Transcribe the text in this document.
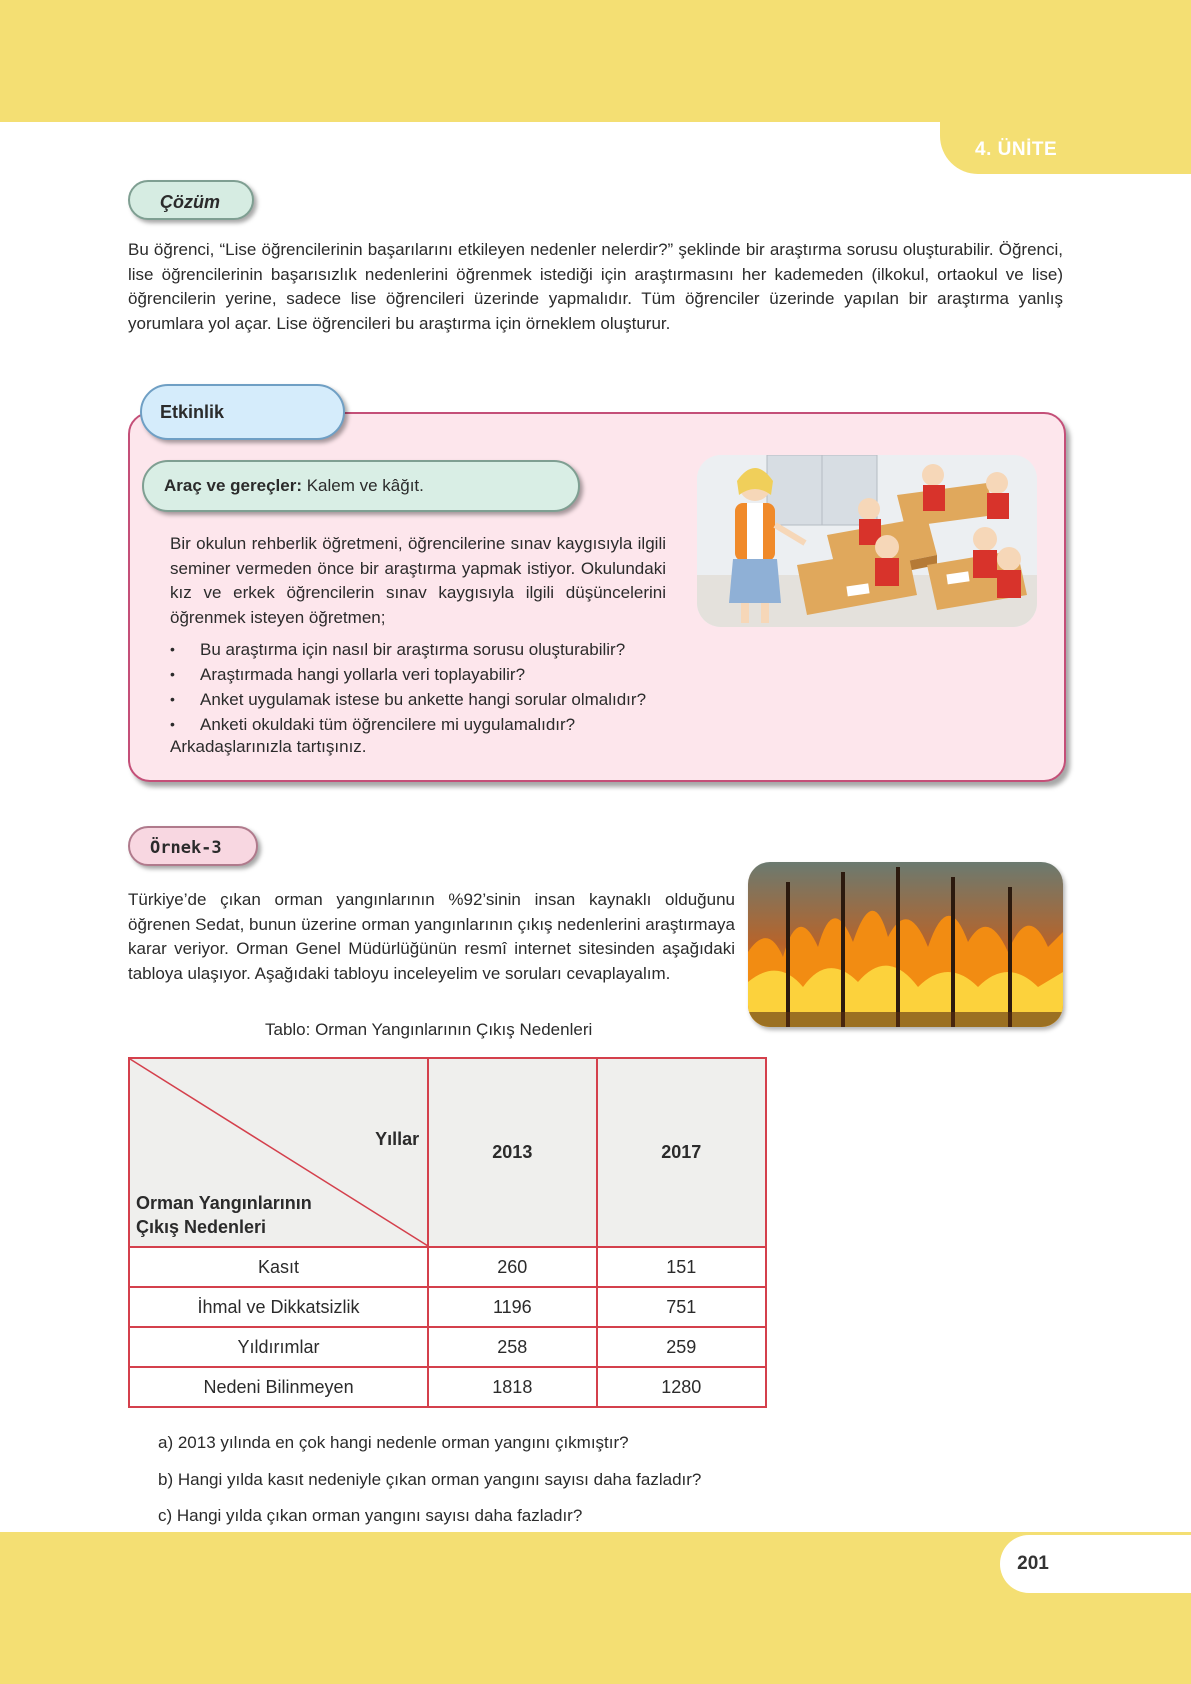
4. ÜNİTE
Çözüm
Bu öğrenci, “Lise öğrencilerinin başarılarını etkileyen nedenler nelerdir?” şeklinde bir araştırma sorusu oluşturabilir. Öğrenci, lise öğrencilerinin başarısızlık nedenlerini öğrenmek istediği için araştırmasını her kademeden (ilkokul, ortaokul ve lise) öğrencilerin yerine, sadece lise öğrencileri üzerinde yapmalıdır. Tüm öğrenciler üzerinde yapılan bir araştırma yanlış yorumlara yol açar. Lise öğrencileri bu araştırma için örneklem oluşturur.
Etkinlik
Araç ve gereçler: Kalem ve kâğıt.
Bir okulun rehberlik öğretmeni, öğrencilerine sınav kaygısıyla ilgili seminer vermeden önce bir araştırma yapmak istiyor. Okulundaki kız ve erkek öğrencilerin sınav kaygısıyla ilgili düşüncelerini öğrenmek isteyen öğretmen;
• Bu araştırma için nasıl bir araştırma sorusu oluşturabilir?
• Araştırmada hangi yollarla veri toplayabilir?
• Anket uygulamak istese bu ankette hangi sorular olmalıdır?
• Anketi okuldaki tüm öğrencilere mi uygulamalıdır?
Arkadaşlarınızla tartışınız.
Örnek-3
Türkiye’de çıkan orman yangınlarının %92’sinin insan kaynaklı olduğunu öğrenen Sedat, bunun üzerine orman yangınlarının çıkış nedenlerini araştırmaya karar veriyor. Orman Genel Müdürlüğünün resmî internet sitesinden aşağıdaki tabloya ulaşıyor. Aşağıdaki tabloyu inceleyelim ve soruları cevaplayalım.
Tablo: Orman Yangınlarının Çıkış Nedenleri
Yıllar
Orman Yangınlarının
Çıkış Nedenleri	2013	2017
Kasıt	260	151
İhmal ve Dikkatsizlik	1196	751
Yıldırımlar	258	259
Nedeni Bilinmeyen	1818	1280
a) 2013 yılında en çok hangi nedenle orman yangını çıkmıştır?
b) Hangi yılda kasıt nedeniyle çıkan orman yangını sayısı daha fazladır?
c) Hangi yılda çıkan orman yangını sayısı daha fazladır?
201
